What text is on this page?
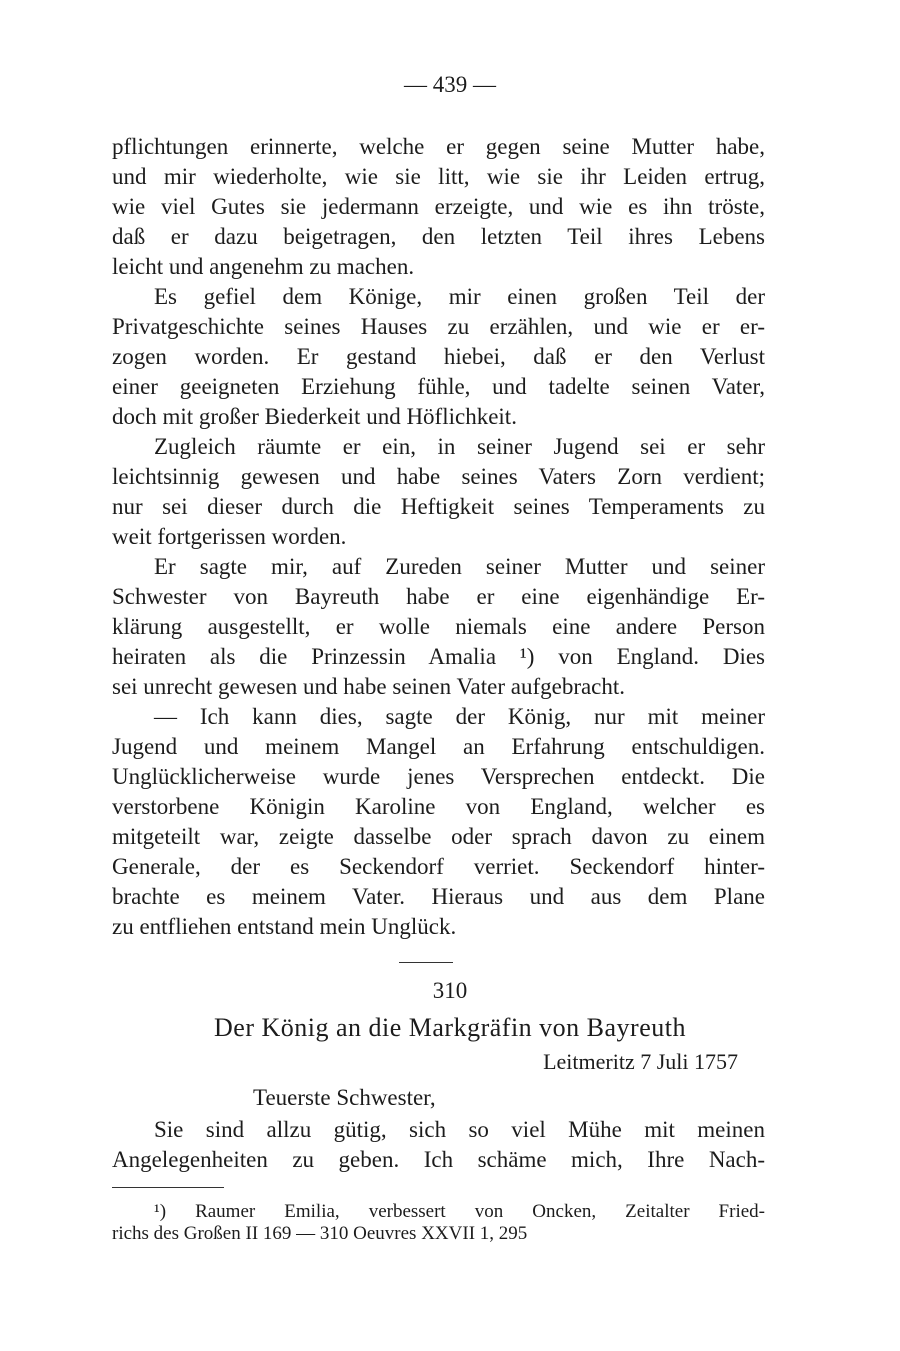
— 439 —
pflichtungen erinnerte, welche er gegen seine Mutter habe,
und mir wiederholte, wie sie litt, wie sie ihr Leiden ertrug,
wie viel Gutes sie jedermann erzeigte, und wie es ihn tröste,
daß er dazu beigetragen, den letzten Teil ihres Lebens
leicht und angenehm zu machen.
Es gefiel dem Könige, mir einen großen Teil der
Privatgeschichte seines Hauses zu erzählen, und wie er er-
zogen worden. Er gestand hiebei, daß er den Verlust
einer geeigneten Erziehung fühle, und tadelte seinen Vater,
doch mit großer Biederkeit und Höflichkeit.
Zugleich räumte er ein, in seiner Jugend sei er sehr
leichtsinnig gewesen und habe seines Vaters Zorn verdient;
nur sei dieser durch die Heftigkeit seines Temperaments zu
weit fortgerissen worden.
Er sagte mir, auf Zureden seiner Mutter und seiner
Schwester von Bayreuth habe er eine eigenhändige Er-
klärung ausgestellt, er wolle niemals eine andere Person
heiraten als die Prinzessin Amalia ¹) von England. Dies
sei unrecht gewesen und habe seinen Vater aufgebracht.
— Ich kann dies, sagte der König, nur mit meiner
Jugend und meinem Mangel an Erfahrung entschuldigen.
Unglücklicherweise wurde jenes Versprechen entdeckt. Die
verstorbene Königin Karoline von England, welcher es
mitgeteilt war, zeigte dasselbe oder sprach davon zu einem
Generale, der es Seckendorf verriet. Seckendorf hinter-
brachte es meinem Vater. Hieraus und aus dem Plane
zu entfliehen entstand mein Unglück.
310
Der König an die Markgräfin von Bayreuth
Leitmeritz 7 Juli 1757
Teuerste Schwester,
Sie sind allzu gütig, sich so viel Mühe mit meinen
Angelegenheiten zu geben. Ich schäme mich, Ihre Nach-
¹) Raumer Emilia, verbessert von Oncken, Zeitalter Fried-
richs des Großen II 169 — 310 Oeuvres XXVII 1, 295
